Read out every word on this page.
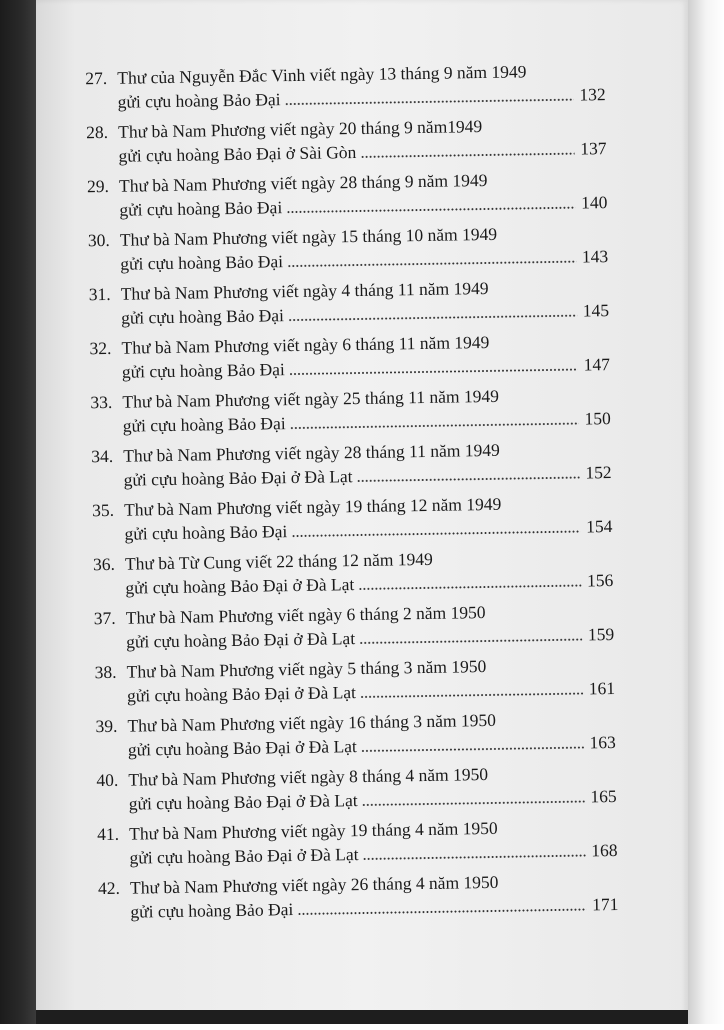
27. Thư của Nguyễn Đắc Vinh viết ngày 13 tháng 9 năm 1949
gửi cựu hoàng Bảo Đại	132
28. Thư bà Nam Phương viết ngày 20 tháng 9 năm1949
gửi cựu hoàng Bảo Đại ở Sài Gòn	137
29. Thư bà Nam Phương viết ngày 28 tháng 9 năm 1949
gửi cựu hoàng Bảo Đại	140
30. Thư bà Nam Phương viết ngày 15 tháng 10 năm 1949
gửi cựu hoàng Bảo Đại	143
31. Thư bà Nam Phương viết ngày 4 tháng 11 năm 1949
gửi cựu hoàng Bảo Đại	145
32. Thư bà Nam Phương viết ngày 6 tháng 11 năm 1949
gửi cựu hoàng Bảo Đại	147
33. Thư bà Nam Phương viết ngày 25 tháng 11 năm 1949
gửi cựu hoàng Bảo Đại	150
34. Thư bà Nam Phương viết ngày 28 tháng 11 năm 1949
gửi cựu hoàng Bảo Đại ở Đà Lạt	152
35. Thư bà Nam Phương viết ngày 19 tháng 12 năm 1949
gửi cựu hoàng Bảo Đại	154
36. Thư bà Từ Cung viết 22 tháng 12 năm 1949
gửi cựu hoàng Bảo Đại ở Đà Lạt	156
37. Thư bà Nam Phương viết ngày 6 tháng 2 năm 1950
gửi cựu hoàng Bảo Đại ở Đà Lạt	159
38. Thư bà Nam Phương viết ngày 5 tháng 3 năm 1950
gửi cựu hoàng Bảo Đại ở Đà Lạt	161
39. Thư bà Nam Phương viết ngày 16 tháng 3 năm 1950
gửi cựu hoàng Bảo Đại ở Đà Lạt	163
40. Thư bà Nam Phương viết ngày 8 tháng 4 năm 1950
gửi cựu hoàng Bảo Đại ở Đà Lạt	165
41. Thư bà Nam Phương viết ngày 19 tháng 4 năm 1950
gửi cựu hoàng Bảo Đại ở Đà Lạt	168
42. Thư bà Nam Phương viết ngày 26 tháng 4 năm 1950
gửi cựu hoàng Bảo Đại	171
